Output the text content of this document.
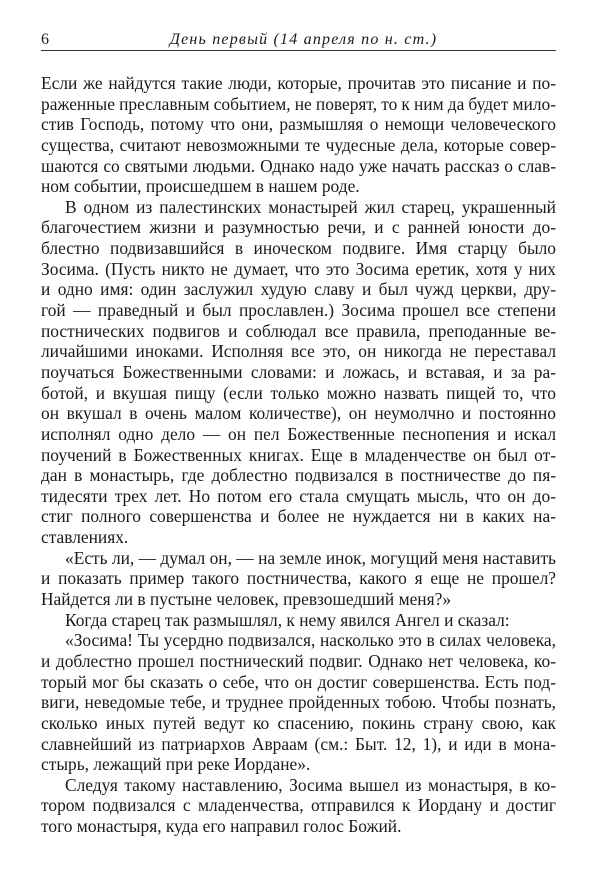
6	День первый (14 апреля по н. ст.)
Если же найдутся такие люди, которые, прочитав это писание и по-
раженные преславным событием, не поверят, то к ним да будет мило-
стив Господь, потому что они, размышляя о немощи человеческого
существа, считают невозможными те чудесные дела, которые совер-
шаются со святыми людьми. Однако надо уже начать рассказ о слав-
ном событии, происшедшем в нашем роде.
В одном из палестинских монастырей жил старец, украшенный
благочестием жизни и разумностью речи, и с ранней юности до-
блестно подвизавшийся в иноческом подвиге. Имя старцу было
Зосима. (Пусть никто не думает, что это Зосима еретик, хотя у них
и одно имя: один заслужил худую славу и был чужд церкви, дру-
гой — праведный и был прославлен.) Зосима прошел все степени
постнических подвигов и соблюдал все правила, преподанные ве-
личайшими иноками. Исполняя все это, он никогда не переставал
поучаться Божественными словами: и ложась, и вставая, и за ра-
ботой, и вкушая пищу (если только можно назвать пищей то, что
он вкушал в очень малом количестве), он неумолчно и постоянно
исполнял одно дело — он пел Божественные песнопения и искал
поучений в Божественных книгах. Еще в младенчестве он был от-
дан в монастырь, где доблестно подвизался в постничестве до пя-
тидесяти трех лет. Но потом его стала смущать мысль, что он до-
стиг полного совершенства и более не нуждается ни в каких на-
ставлениях.
«Есть ли, — думал он, — на земле инок, могущий меня наставить
и показать пример такого постничества, какого я еще не прошел?
Найдется ли в пустыне человек, превзошедший меня?»
Когда старец так размышлял, к нему явился Ангел и сказал:
«Зосима! Ты усердно подвизался, насколько это в силах человека,
и доблестно прошел постнический подвиг. Однако нет человека, ко-
торый мог бы сказать о себе, что он достиг совершенства. Есть под-
виги, неведомые тебе, и труднее пройденных тобою. Чтобы познать,
сколько иных путей ведут ко спасению, покинь страну свою, как
славнейший из патриархов Авраам (см.: Быт. 12, 1), и иди в мона-
стырь, лежащий при реке Иордане».
Следуя такому наставлению, Зосима вышел из монастыря, в ко-
тором подвизался с младенчества, отправился к Иордану и достиг
того монастыря, куда его направил голос Божий.
